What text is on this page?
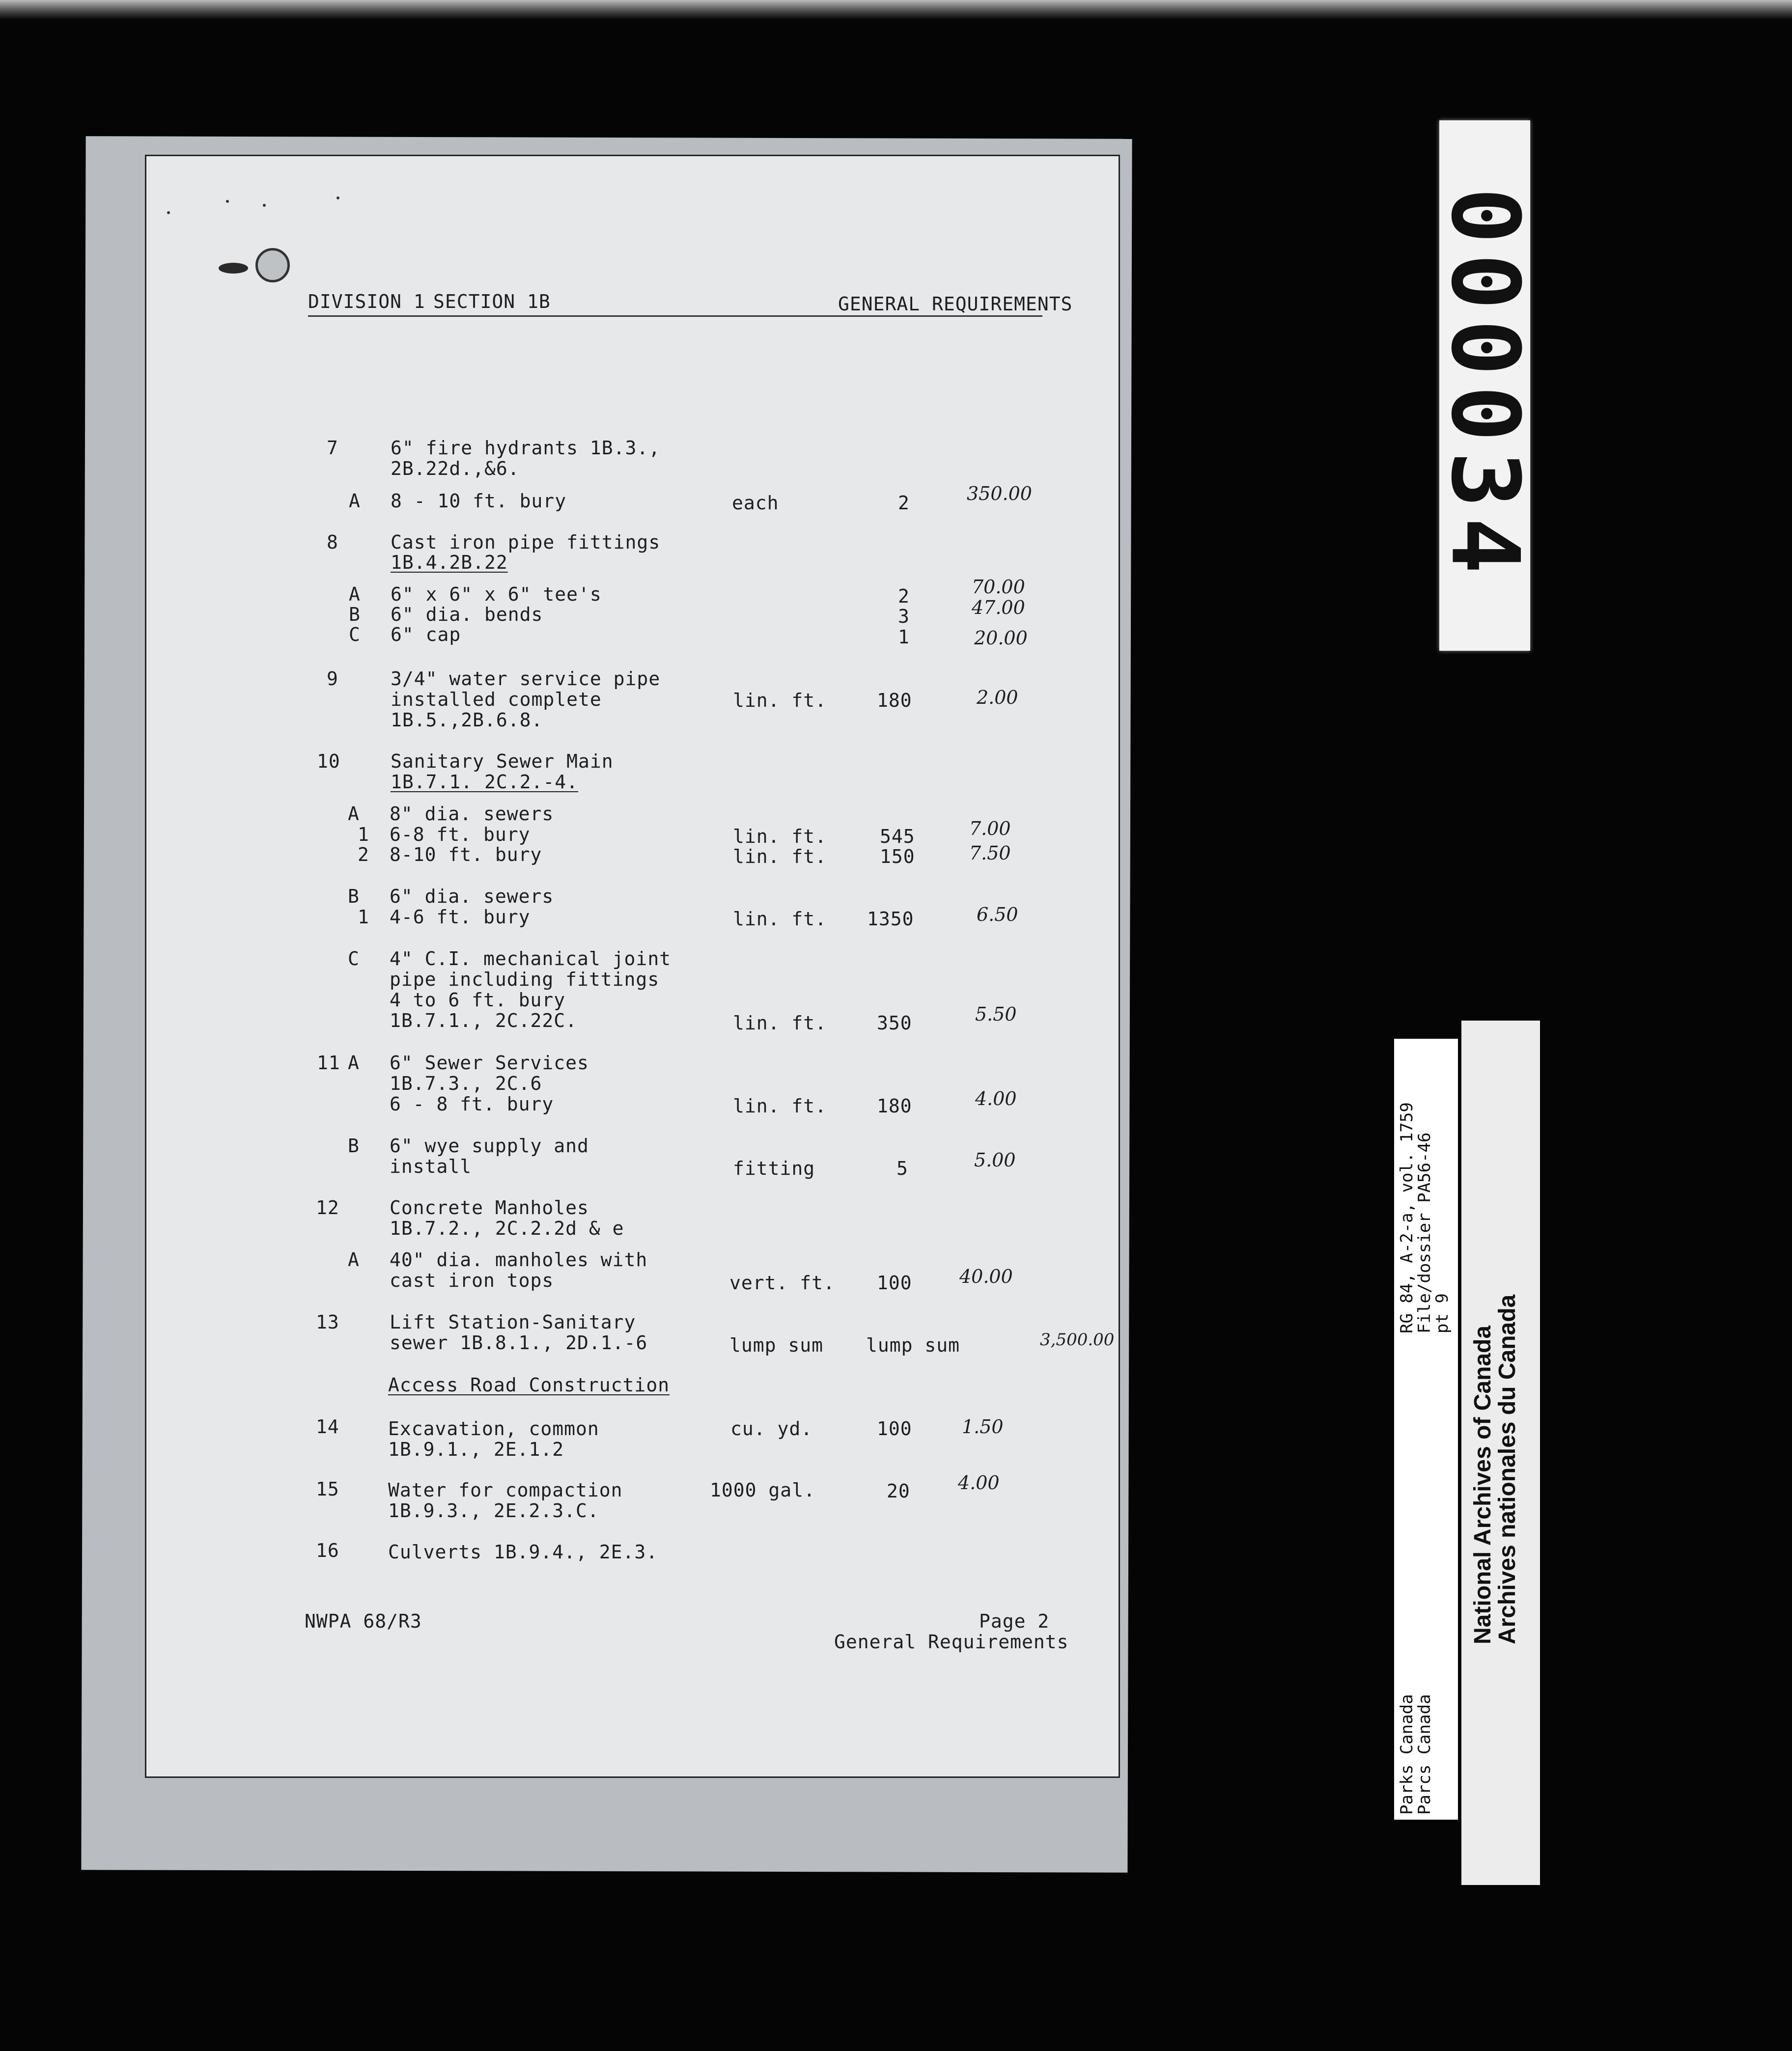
DIVISION 1 SECTION 1B	GENERAL REQUIREMENTS
7	6" fire hydrants 1B.3.,
2B.22d.,&6.
A 8 - 10 ft. bury	each	2	350.00
8	Cast iron pipe fittings
1B.4.2B.22
A 6" x 6" x 6" tee's	2	70.00
B 6" dia. bends	3	47.00
C 6" cap	1	20.00
9	3/4" water service pipe
installed complete
1B.5.,2B.6.8.
lin. ft.	180	2.00
10	Sanitary Sewer Main
1B.7.1. 2C.2.-4.
A 8" dia. sewers
1 6-8 ft. bury	lin. ft.	545	7.00
2 8-10 ft. bury	lin. ft.	150	7.50
B 6" dia. sewers
1 4-6 ft. bury	lin. ft. 1350	6.50
C 4" C.I. mechanical joint
pipe including fittings
4 to 6 ft. bury
1B.7.1., 2C.22C.	lin. ft.	350	5.50
11 A 6" Sewer Services
1B.7.3., 2C.6
6 - 8 ft. bury	lin. ft.	180	4.00
B 6" wye supply and
install	fitting	5	5.00
12	Concrete Manholes
1B.7.2., 2C.2.2d & e
A 40" dia. manholes with
cast iron tops	vert. ft. 100	40.00
13	Lift Station-Sanitary
sewer 1B.8.1., 2D.1.-6	lump sum lump sum	3,500.00
Access Road Construction
14	Excavation, common
1B.9.1., 2E.1.2
cu. yd.	100	1.50
15	Water for compaction
1B.9.3., 2E.2.3.C.
1000 gal.	20	4.00
16	Culverts 1B.9.4., 2E.3.
NWPA 68/R3	Page 2
General Requirements
000034
RG 84, A-2-a, vol. 1759
File/dossier PA56-46
pt 9
Parks Canada
Parcs Canada
National Archives of Canada
Archives nationales du Canada
